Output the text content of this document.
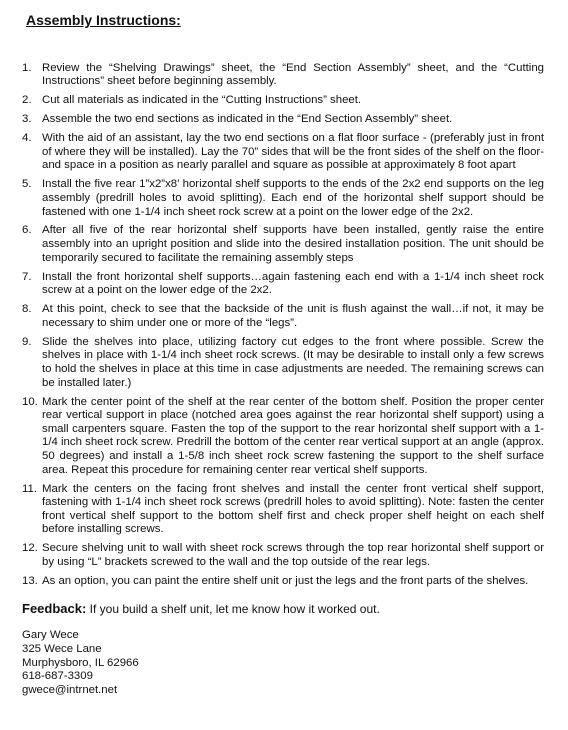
Assembly Instructions:
1. Review the “Shelving Drawings” sheet, the “End Section Assembly” sheet, and the “Cutting Instructions” sheet before beginning assembly.
2. Cut all materials as indicated in the “Cutting Instructions” sheet.
3. Assemble the two end sections as indicated in the “End Section Assembly” sheet.
4. With the aid of an assistant, lay the two end sections on a flat floor surface - (preferably just in front of where they will be installed). Lay the 70” sides that will be the front sides of the shelf on the floor-and space in a position as nearly parallel and square as possible at approximately 8 foot apart
5. Install the five rear 1”x2”x8’ horizontal shelf supports to the ends of the 2x2 end supports on the leg assembly (predrill holes to avoid splitting). Each end of the horizontal shelf support should be fastened with one 1-1/4 inch sheet rock screw at a point on the lower edge of the 2x2.
6. After all five of the rear horizontal shelf supports have been installed, gently raise the entire assembly into an upright position and slide into the desired installation position. The unit should be temporarily secured to facilitate the remaining assembly steps
7. Install the front horizontal shelf supports…again fastening each end with a 1-1/4 inch sheet rock screw at a point on the lower edge of the 2x2.
8. At this point, check to see that the backside of the unit is flush against the wall…if not, it may be necessary to shim under one or more of the “legs”.
9. Slide the shelves into place, utilizing factory cut edges to the front where possible. Screw the shelves in place with 1-1/4 inch sheet rock screws. (It may be desirable to install only a few screws to hold the shelves in place at this time in case adjustments are needed. The remaining screws can be installed later.)
10. Mark the center point of the shelf at the rear center of the bottom shelf. Position the proper center rear vertical support in place (notched area goes against the rear horizontal shelf support) using a small carpenters square. Fasten the top of the support to the rear horizontal shelf support with a 1-1/4 inch sheet rock screw. Predrill the bottom of the center rear vertical support at an angle (approx. 50 degrees) and install a 1-5/8 inch sheet rock screw fastening the support to the shelf surface area. Repeat this procedure for remaining center rear vertical shelf supports.
11. Mark the centers on the facing front shelves and install the center front vertical shelf support, fastening with 1-1/4 inch sheet rock screws (predrill holes to avoid splitting). Note: fasten the center front vertical shelf support to the bottom shelf first and check proper shelf height on each shelf before installing screws.
12. Secure shelving unit to wall with sheet rock screws through the top rear horizontal shelf support or by using “L” brackets screwed to the wall and the top outside of the rear legs.
13. As an option, you can paint the entire shelf unit or just the legs and the front parts of the shelves.
Feedback: If you build a shelf unit, let me know how it worked out.
Gary Wece
325 Wece Lane
Murphysboro, IL 62966
618-687-3309
gwece@intrnet.net
